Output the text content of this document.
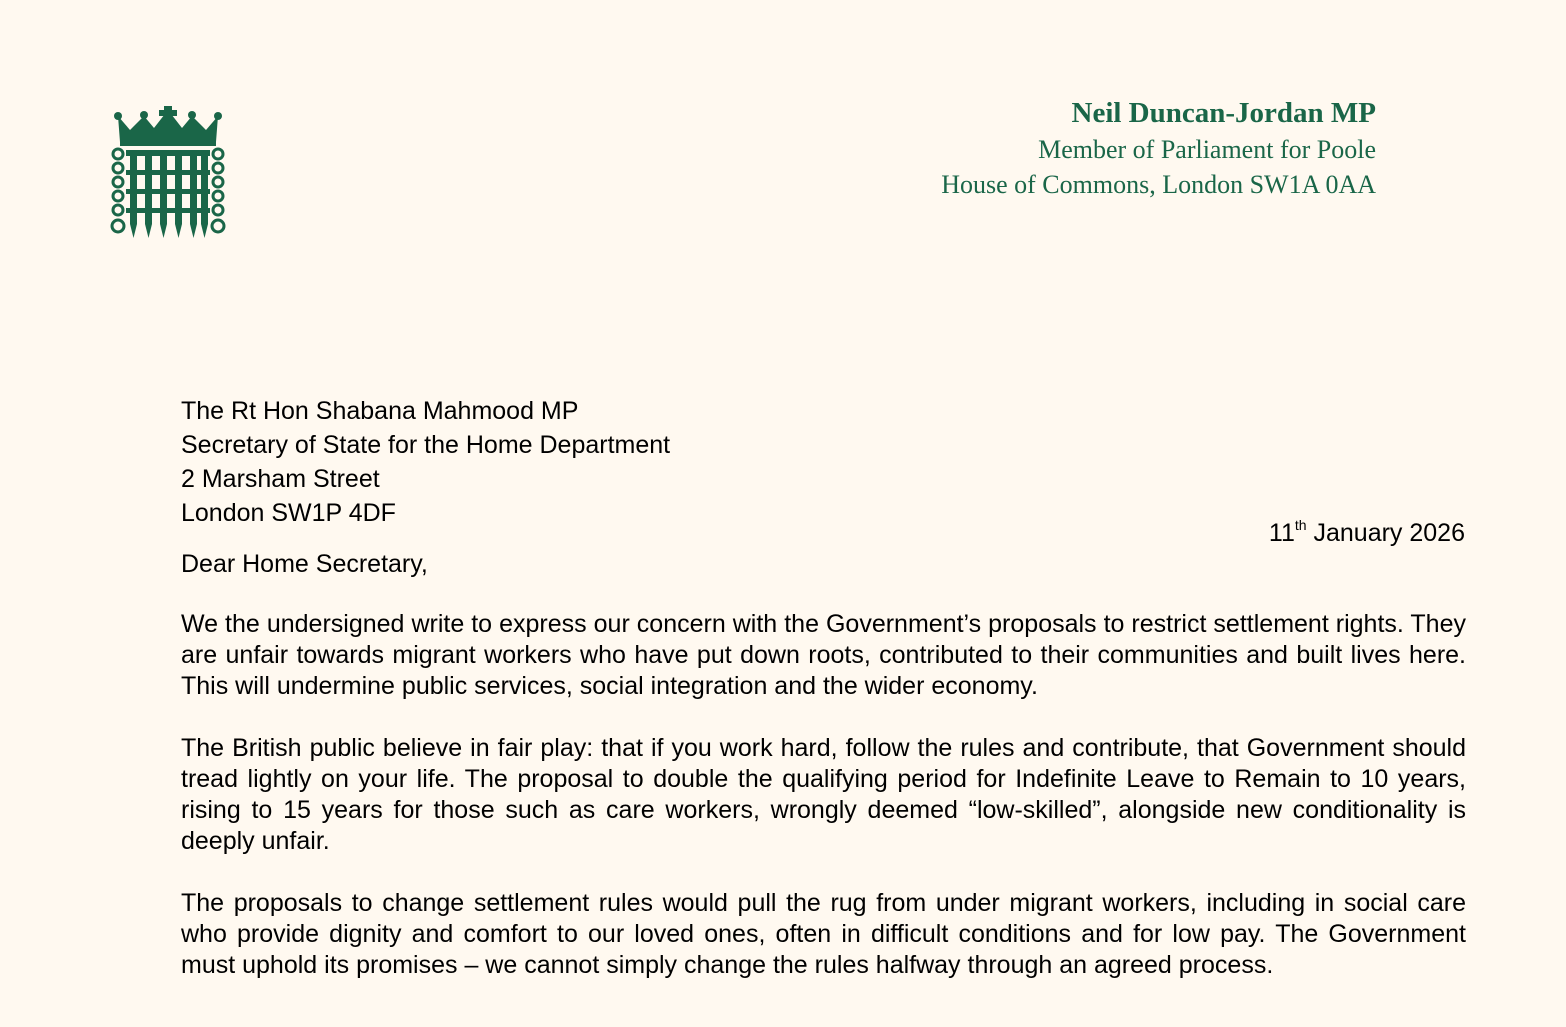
Neil Duncan-Jordan MP
Member of Parliament for Poole
House of Commons, London SW1A 0AA
The Rt Hon Shabana Mahmood MP
Secretary of State for the Home Department
2 Marsham Street
London SW1P 4DF
11th January 2026
Dear Home Secretary,

We the undersigned write to express our concern with the Government’s proposals to restrict settlement rights. They are unfair towards migrant workers who have put down roots, contributed to their communities and built lives here. This will undermine public services, social integration and the wider economy.

The British public believe in fair play: that if you work hard, follow the rules and contribute, that Government should tread lightly on your life. The proposal to double the qualifying period for Indefinite Leave to Remain to 10 years, rising to 15 years for those such as care workers, wrongly deemed “low-skilled”, alongside new conditionality is deeply unfair.

The proposals to change settlement rules would pull the rug from under migrant workers, including in social care who provide dignity and comfort to our loved ones, often in difficult conditions and for low pay. The Government must uphold its promises – we cannot simply change the rules halfway through an agreed process.
